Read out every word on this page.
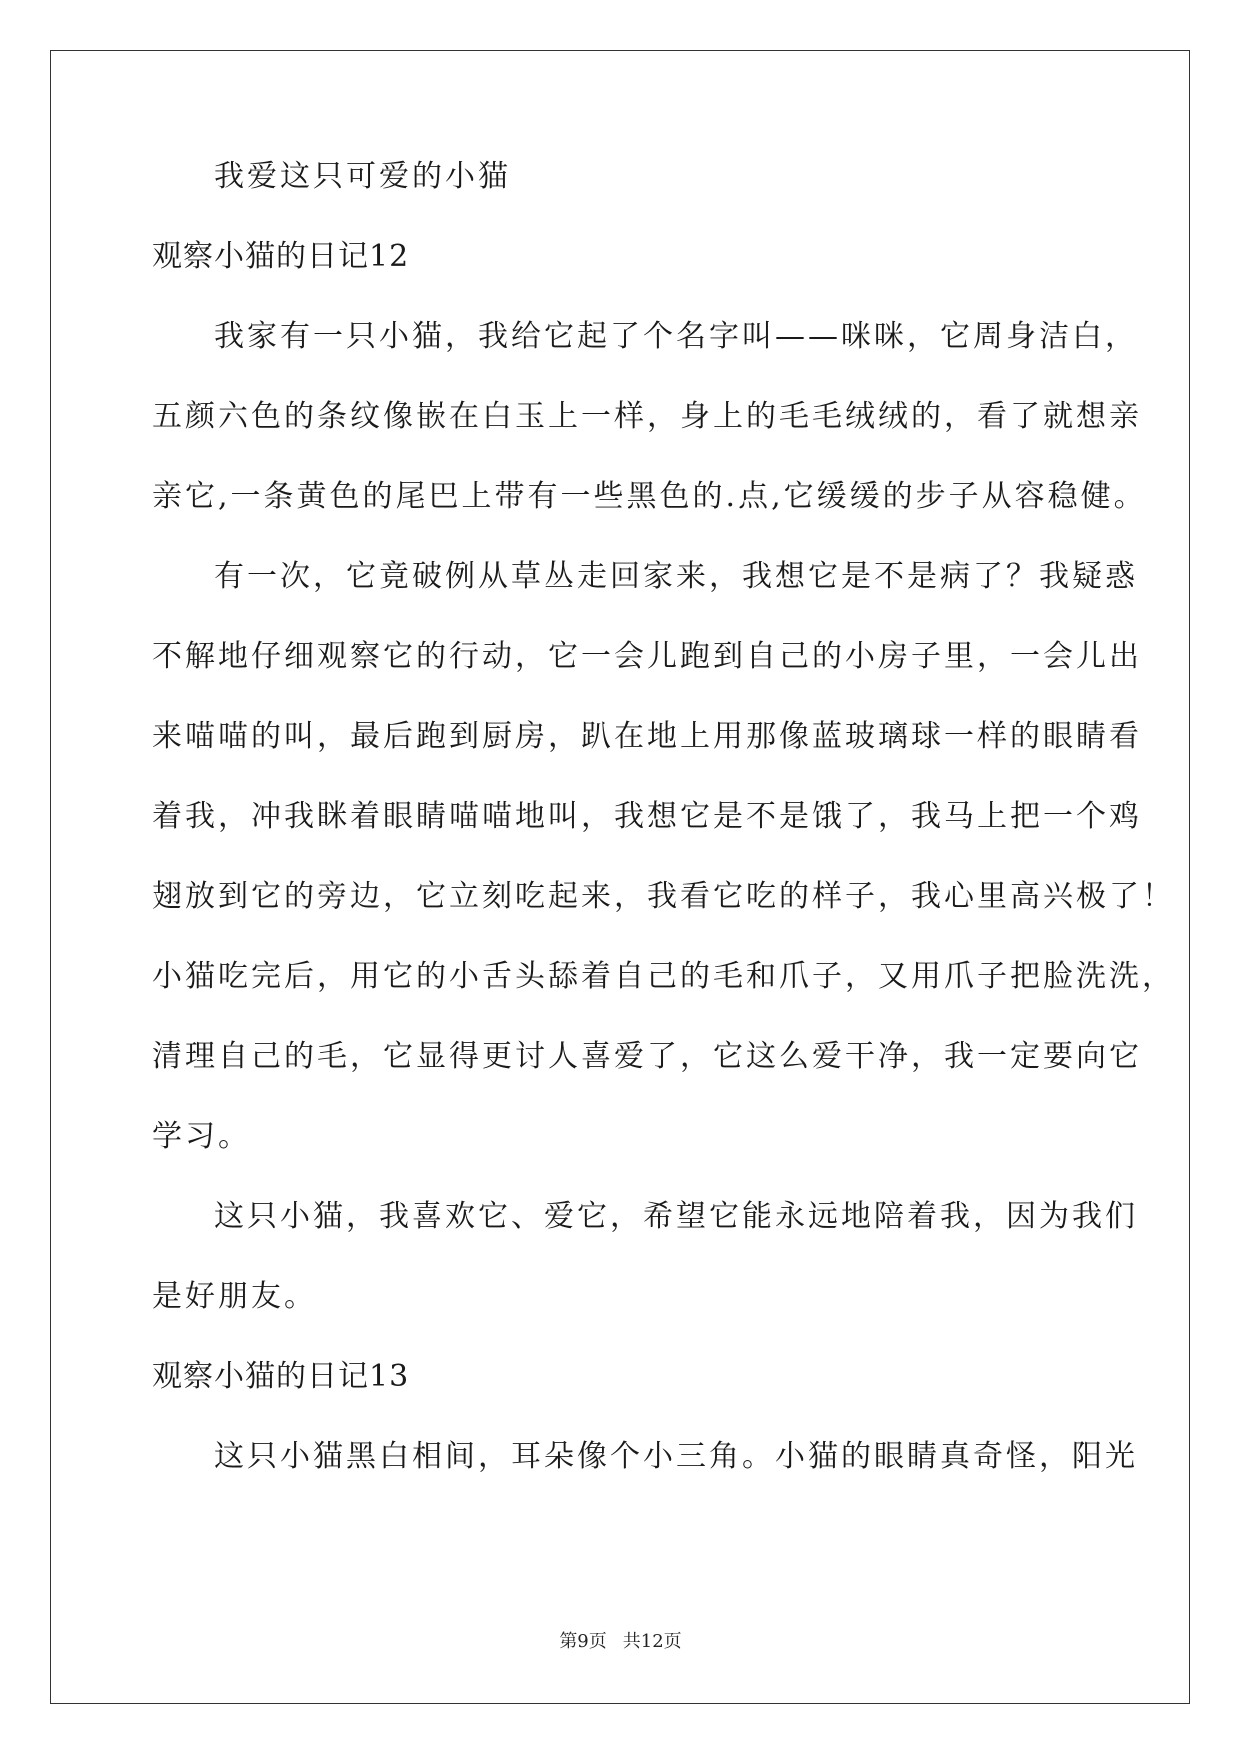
我爱这只可爱的小猫
观察小猫的日记12
我家有一只小猫，我给它起了个名字叫——咪咪，它周身洁白，
五颜六色的条纹像嵌在白玉上一样，身上的毛毛绒绒的，看了就想亲
亲它,一条黄色的尾巴上带有一些黑色的.点,它缓缓的步子从容稳健。
有一次，它竟破例从草丛走回家来，我想它是不是病了？我疑惑
不解地仔细观察它的行动，它一会儿跑到自己的小房子里，一会儿出
来喵喵的叫，最后跑到厨房，趴在地上用那像蓝玻璃球一样的眼睛看
着我，冲我眯着眼睛喵喵地叫，我想它是不是饿了，我马上把一个鸡
翅放到它的旁边，它立刻吃起来，我看它吃的样子，我心里高兴极了！
小猫吃完后，用它的小舌头舔着自己的毛和爪子，又用爪子把脸洗洗，
清理自己的毛，它显得更讨人喜爱了，它这么爱干净，我一定要向它
学习。
这只小猫，我喜欢它、爱它，希望它能永远地陪着我，因为我们
是好朋友。
观察小猫的日记13
这只小猫黑白相间，耳朵像个小三角。小猫的眼睛真奇怪，阳光
第9页 共12页
